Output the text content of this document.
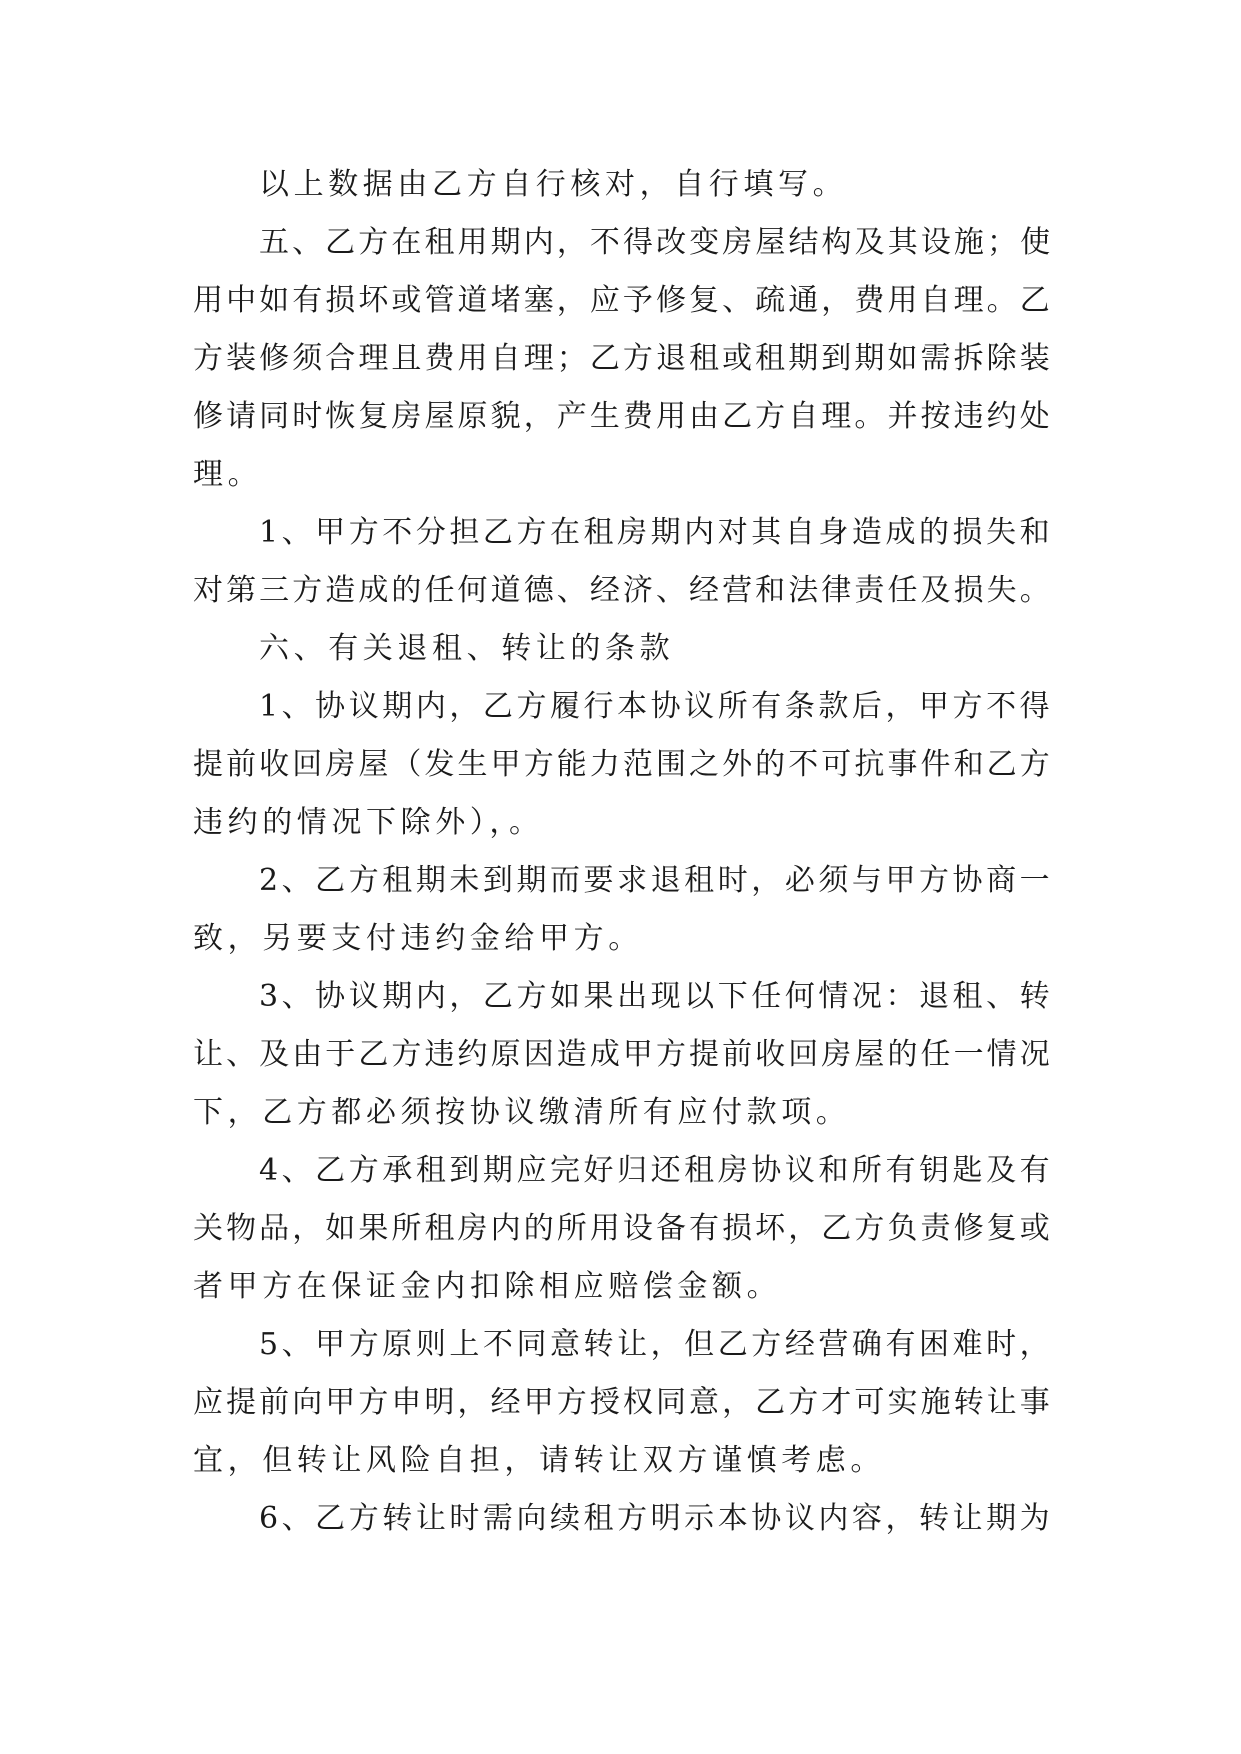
以上数据由乙方自行核对，自行填写。
五、乙方在租用期内，不得改变房屋结构及其设施；使
用中如有损坏或管道堵塞，应予修复、疏通，费用自理。乙
方装修须合理且费用自理；乙方退租或租期到期如需拆除装
修请同时恢复房屋原貌，产生费用由乙方自理。并按违约处
理。
1、甲方不分担乙方在租房期内对其自身造成的损失和
对第三方造成的任何道德、经济、经营和法律责任及损失。
六、有关退租、转让的条款
1、协议期内，乙方履行本协议所有条款后，甲方不得
提前收回房屋（发生甲方能力范围之外的不可抗事件和乙方
违约的情况下除外），。
2、乙方租期未到期而要求退租时，必须与甲方协商一
致，另要支付违约金给甲方。
3、协议期内，乙方如果出现以下任何情况：退租、转
让、及由于乙方违约原因造成甲方提前收回房屋的任一情况
下，乙方都必须按协议缴清所有应付款项。
4、乙方承租到期应完好归还租房协议和所有钥匙及有
关物品，如果所租房内的所用设备有损坏，乙方负责修复或
者甲方在保证金内扣除相应赔偿金额。
5、甲方原则上不同意转让，但乙方经营确有困难时，
应提前向甲方申明，经甲方授权同意，乙方才可实施转让事
宜，但转让风险自担，请转让双方谨慎考虑。
6、乙方转让时需向续租方明示本协议内容，转让期为
